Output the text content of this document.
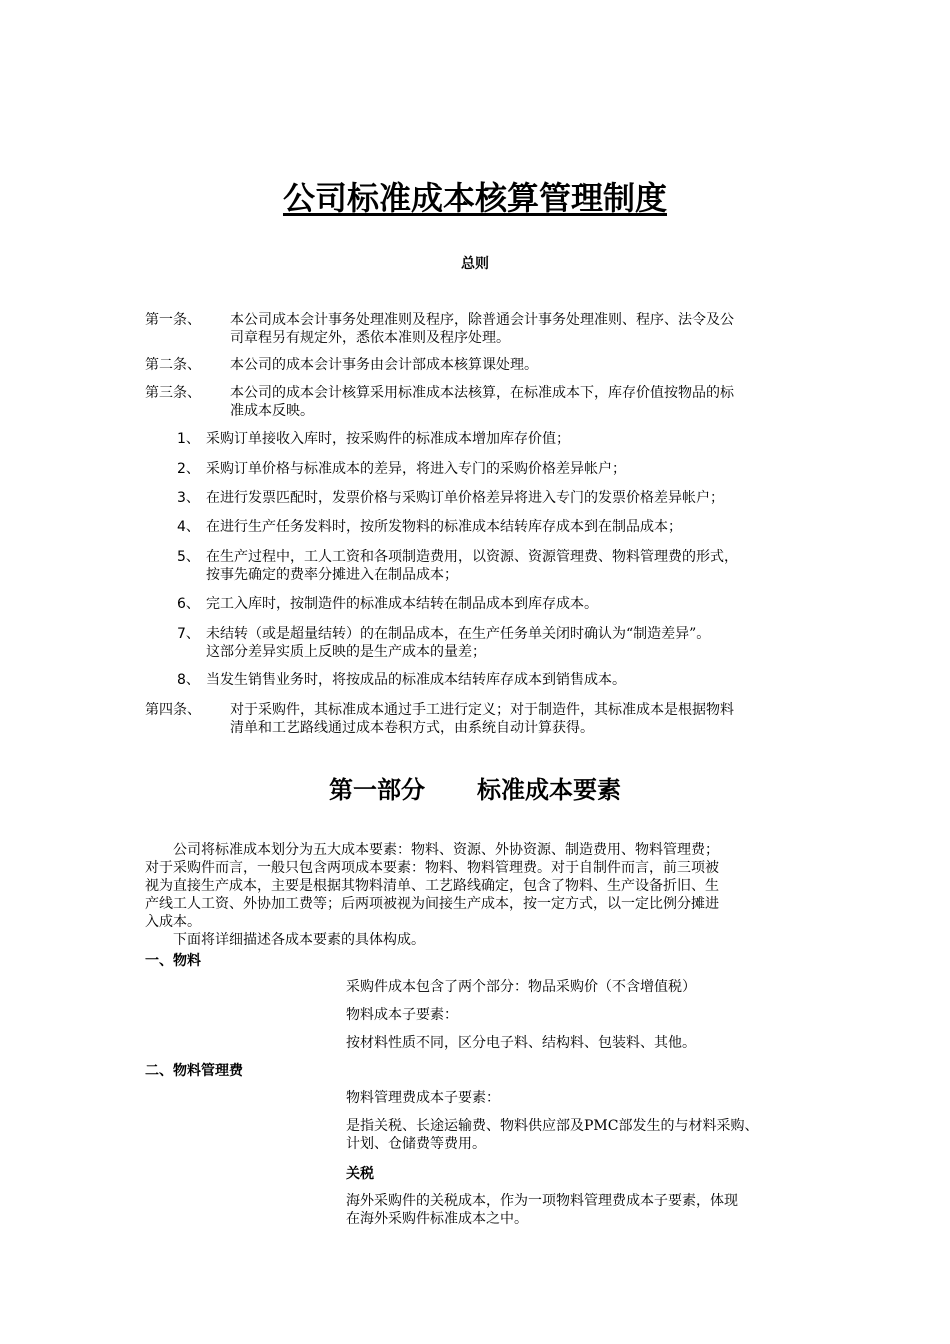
公司标准成本核算管理制度
总则
第一条、 本公司成本会计事务处理准则及程序，除普通会计事务处理准则、程序、法令及公
司章程另有规定外，悉依本准则及程序处理。
第二条、 本公司的成本会计事务由会计部成本核算课处理。
第三条、 本公司的成本会计核算采用标准成本法核算，在标准成本下，库存价值按物品的标
准成本反映。
1、 采购订单接收入库时，按采购件的标准成本增加库存价值；
2、 采购订单价格与标准成本的差异，将进入专门的采购价格差异帐户；
3、 在进行发票匹配时，发票价格与采购订单价格差异将进入专门的发票价格差异帐户；
4、 在进行生产任务发料时，按所发物料的标准成本结转库存成本到在制品成本；
5、 在生产过程中，工人工资和各项制造费用，以资源、资源管理费、物料管理费的形式，
按事先确定的费率分摊进入在制品成本；
6、 完工入库时，按制造件的标准成本结转在制品成本到库存成本。
7、 未结转（或是超量结转）的在制品成本，在生产任务单关闭时确认为“制造差异”。
这部分差异实质上反映的是生产成本的量差；
8、 当发生销售业务时，将按成品的标准成本结转库存成本到销售成本。
第四条、 对于采购件，其标准成本通过手工进行定义；对于制造件，其标准成本是根据物料
清单和工艺路线通过成本卷积方式，由系统自动计算获得。
第一部分 标准成本要素
　　公司将标准成本划分为五大成本要素：物料、资源、外协资源、制造费用、物料管理费；
对于采购件而言，一般只包含两项成本要素：物料、物料管理费。对于自制件而言，前三项被
视为直接生产成本，主要是根据其物料清单、工艺路线确定，包含了物料、生产设备折旧、生
产线工人工资、外协加工费等；后两项被视为间接生产成本，按一定方式，以一定比例分摊进
入成本。
　　下面将详细描述各成本要素的具体构成。
一、物料
采购件成本包含了两个部分：物品采购价（不含增值税）
物料成本子要素：
按材料性质不同，区分电子料、结构料、包装料、其他。
二、物料管理费
物料管理费成本子要素：
是指关税、长途运输费、物料供应部及PMC部发生的与材料采购、
计划、仓储费等费用。
关税
海外采购件的关税成本，作为一项物料管理费成本子要素，体现
在海外采购件标准成本之中。
